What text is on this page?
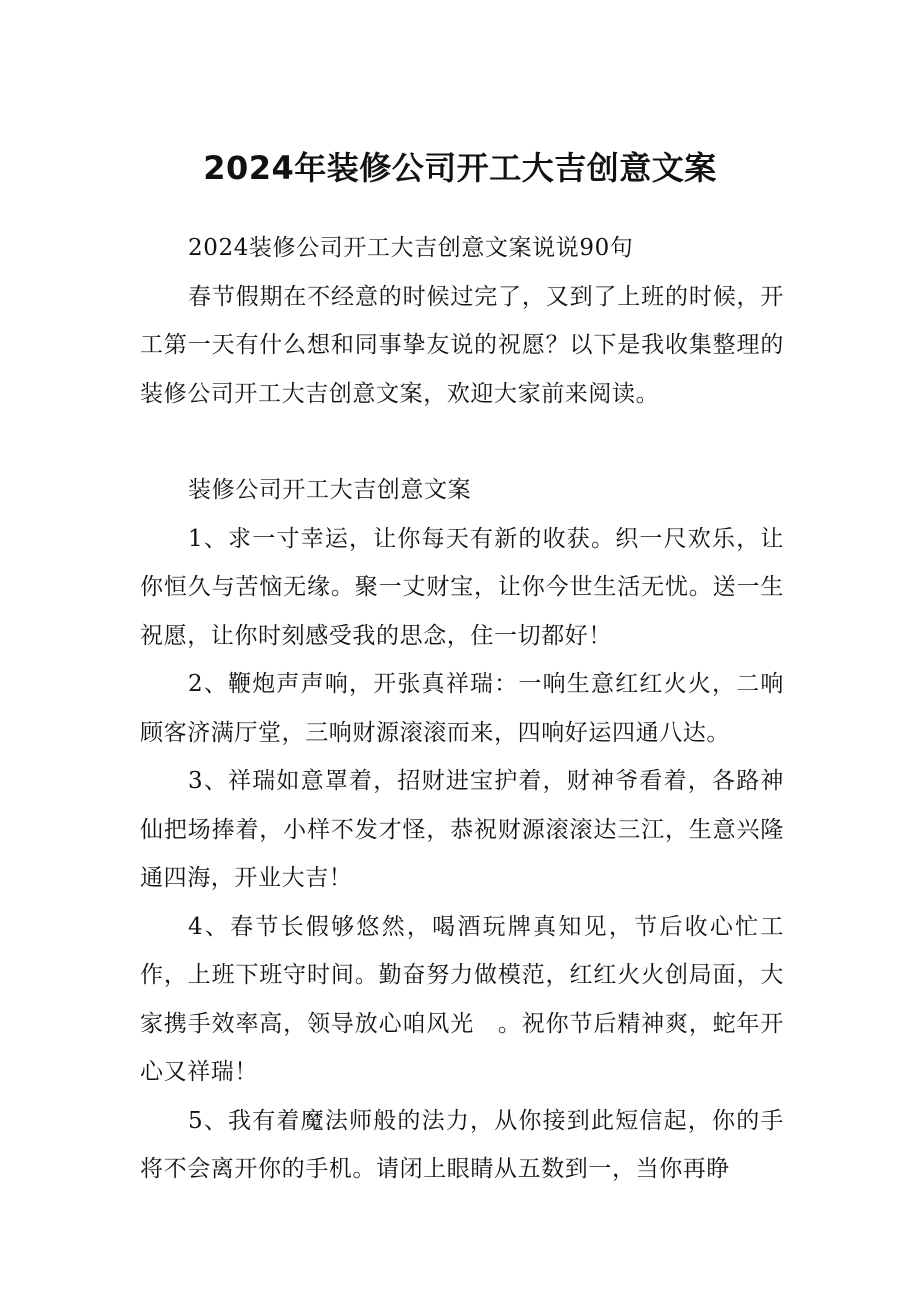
2024年装修公司开工大吉创意文案

2024装修公司开工大吉创意文案说说90句

春节假期在不经意的时候过完了，又到了上班的时候，开工第一天有什么想和同事挚友说的祝愿？以下是我收集整理的装修公司开工大吉创意文案，欢迎大家前来阅读。

装修公司开工大吉创意文案

1、求一寸幸运，让你每天有新的收获。织一尺欢乐，让你恒久与苦恼无缘。聚一丈财宝，让你今世生活无忧。送一生祝愿，让你时刻感受我的思念，住一切都好！

2、鞭炮声声响，开张真祥瑞：一响生意红红火火，二响顾客济满厅堂，三响财源滚滚而来，四响好运四通八达。

3、祥瑞如意罩着，招财进宝护着，财神爷看着，各路神仙把场捧着，小样不发才怪，恭祝财源滚滚达三江，生意兴隆通四海，开业大吉！

4、春节长假够悠然，喝酒玩牌真知见，节后收心忙工作，上班下班守时间。勤奋努力做模范，红红火火创局面，大家携手效率高，领导放心咱风光　。祝你节后精神爽，蛇年开心又祥瑞！

5、我有着魔法师般的法力，从你接到此短信起，你的手将不会离开你的手机。请闭上眼睛从五数到一，当你再睁
